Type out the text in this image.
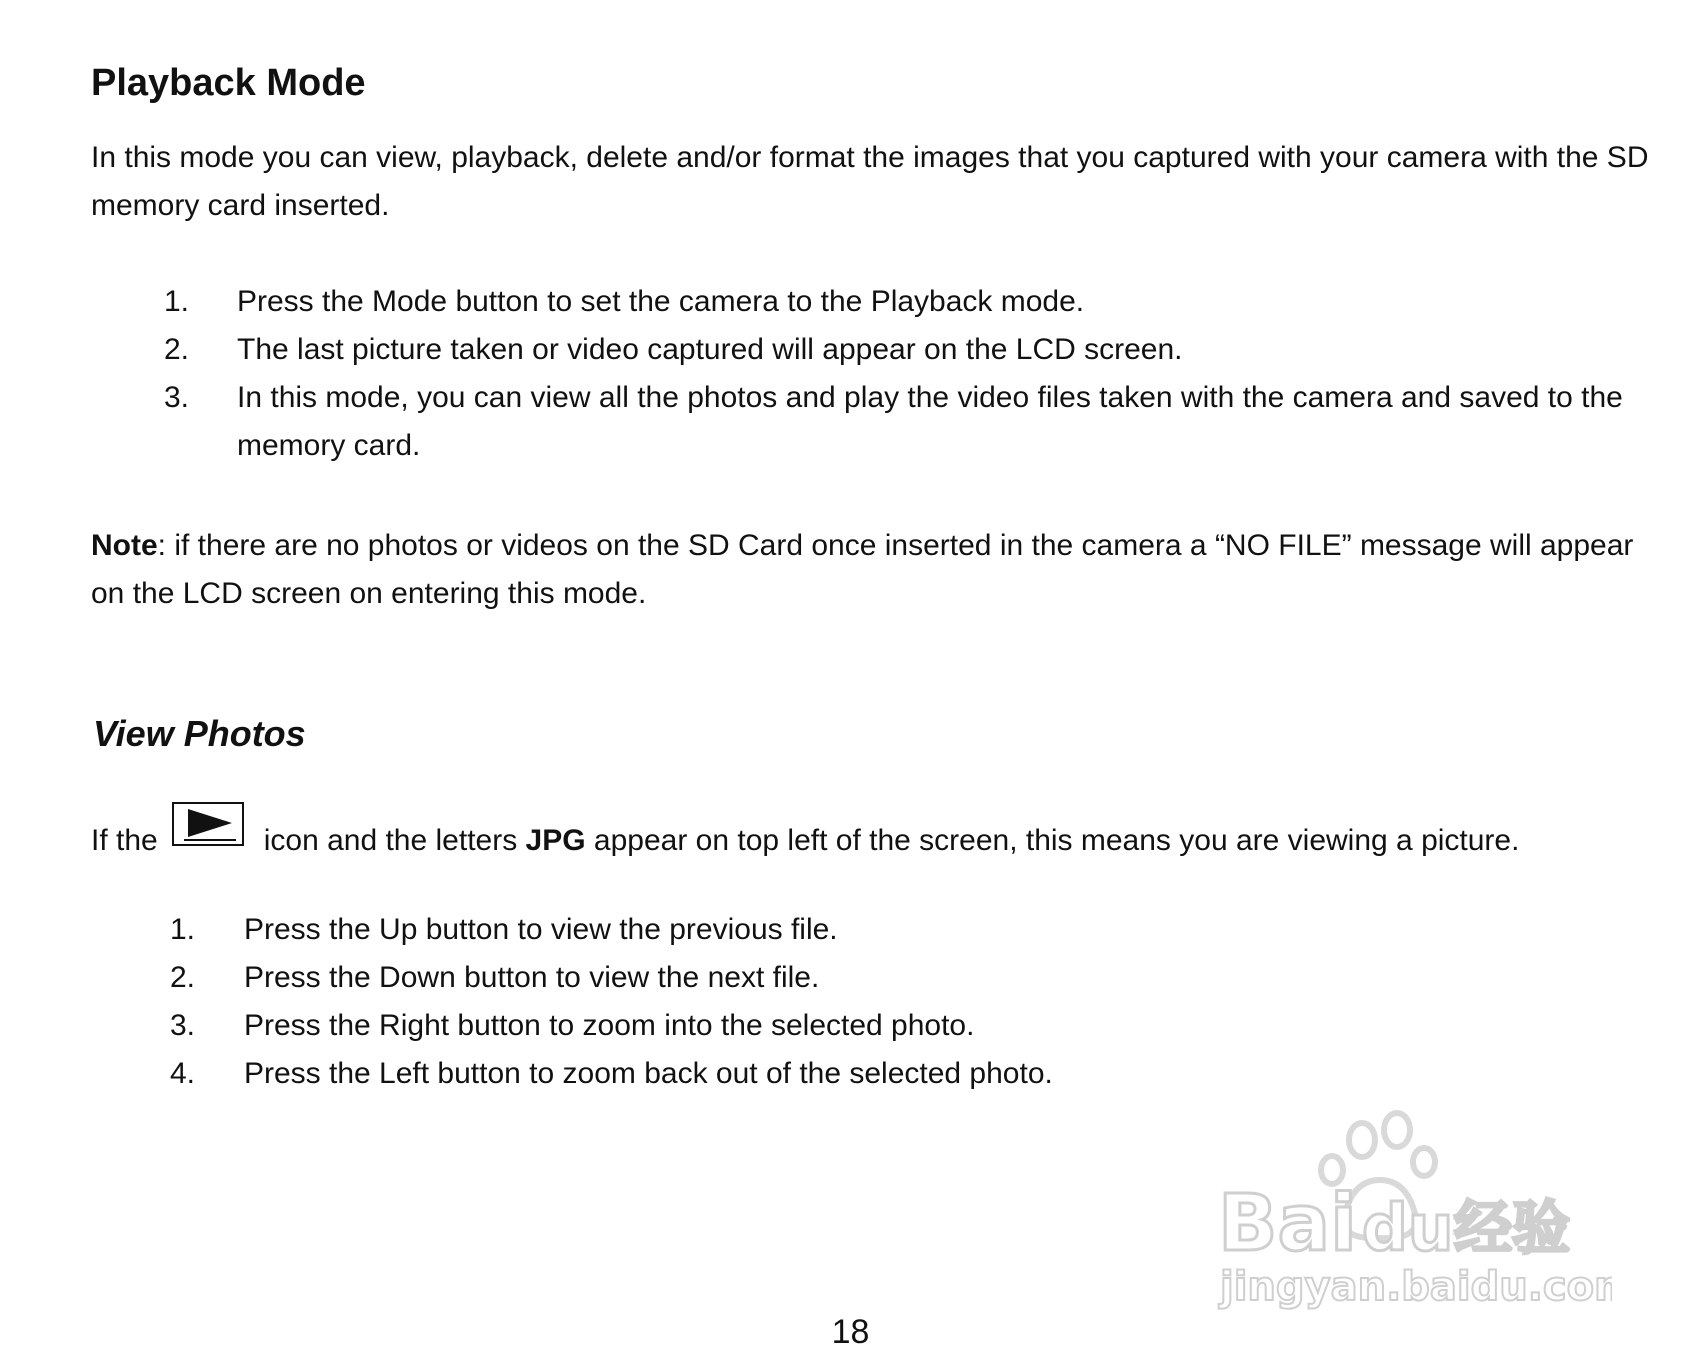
Playback Mode

In this mode you can view, playback, delete and/or format the images that you captured with your camera with the SD memory card inserted.

1. Press the Mode button to set the camera to the Playback mode.
2. The last picture taken or video captured will appear on the LCD screen.
3. In this mode, you can view all the photos and play the video files taken with the camera and saved to the memory card.

Note: if there are no photos or videos on the SD Card once inserted in the camera a “NO FILE” message will appear on the LCD screen on entering this mode.

View Photos

If the	icon and the letters JPG appear on top left of the screen, this means you are viewing a picture.

1. Press the Up button to view the previous file.
2. Press the Down button to view the next file.
3. Press the Right button to zoom into the selected photo.
4. Press the Left button to zoom back out of the selected photo.
Bai du 经验
jingyan.baidu.com
18
